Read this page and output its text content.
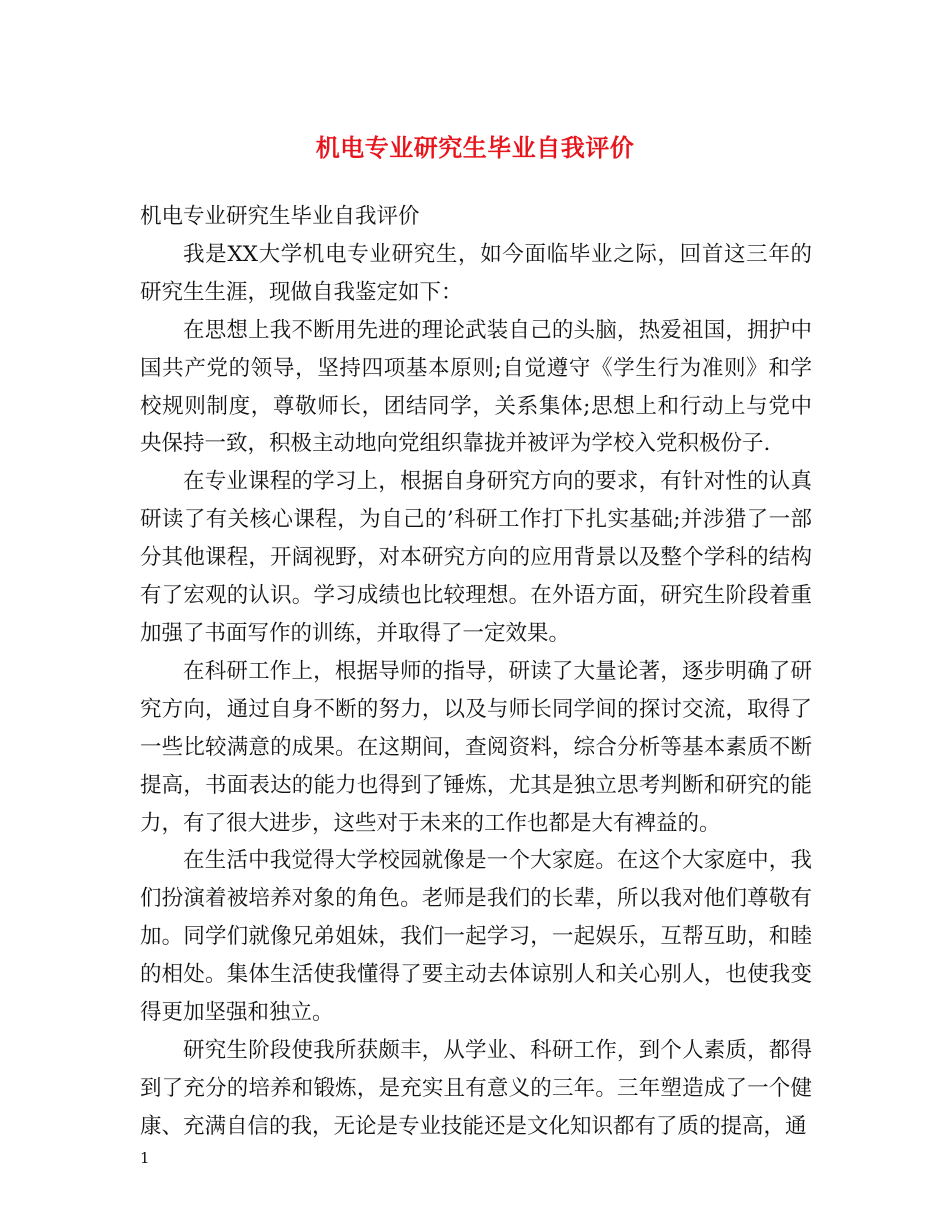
机电专业研究生毕业自我评价

机电专业研究生毕业自我评价

我是XX大学机电专业研究生，如今面临毕业之际，回首这三年的研究生生涯，现做自我鉴定如下：

在思想上我不断用先进的理论武装自己的头脑，热爱祖国，拥护中国共产党的领导，坚持四项基本原则;自觉遵守《学生行为准则》和学校规则制度，尊敬师长，团结同学，关系集体;思想上和行动上与党中央保持一致，积极主动地向党组织靠拢并被评为学校入党积极份子.

在专业课程的学习上，根据自身研究方向的要求，有针对性的认真研读了有关核心课程，为自己的’科研工作打下扎实基础;并涉猎了一部分其他课程，开阔视野，对本研究方向的应用背景以及整个学科的结构有了宏观的认识。学习成绩也比较理想。在外语方面，研究生阶段着重加强了书面写作的训练，并取得了一定效果。

在科研工作上，根据导师的指导，研读了大量论著，逐步明确了研究方向，通过自身不断的努力，以及与师长同学间的探讨交流，取得了一些比较满意的成果。在这期间，查阅资料，综合分析等基本素质不断提高，书面表达的能力也得到了锤炼，尤其是独立思考判断和研究的能力，有了很大进步，这些对于未来的工作也都是大有裨益的。

在生活中我觉得大学校园就像是一个大家庭。在这个大家庭中，我们扮演着被培养对象的角色。老师是我们的长辈，所以我对他们尊敬有加。同学们就像兄弟姐妹，我们一起学习，一起娱乐，互帮互助，和睦的相处。集体生活使我懂得了要主动去体谅别人和关心别人，也使我变得更加坚强和独立。

研究生阶段使我所获颇丰，从学业、科研工作，到个人素质，都得到了充分的培养和锻炼，是充实且有意义的三年。三年塑造成了一个健康、充满自信的我，无论是专业技能还是文化知识都有了质的提高，通

1
